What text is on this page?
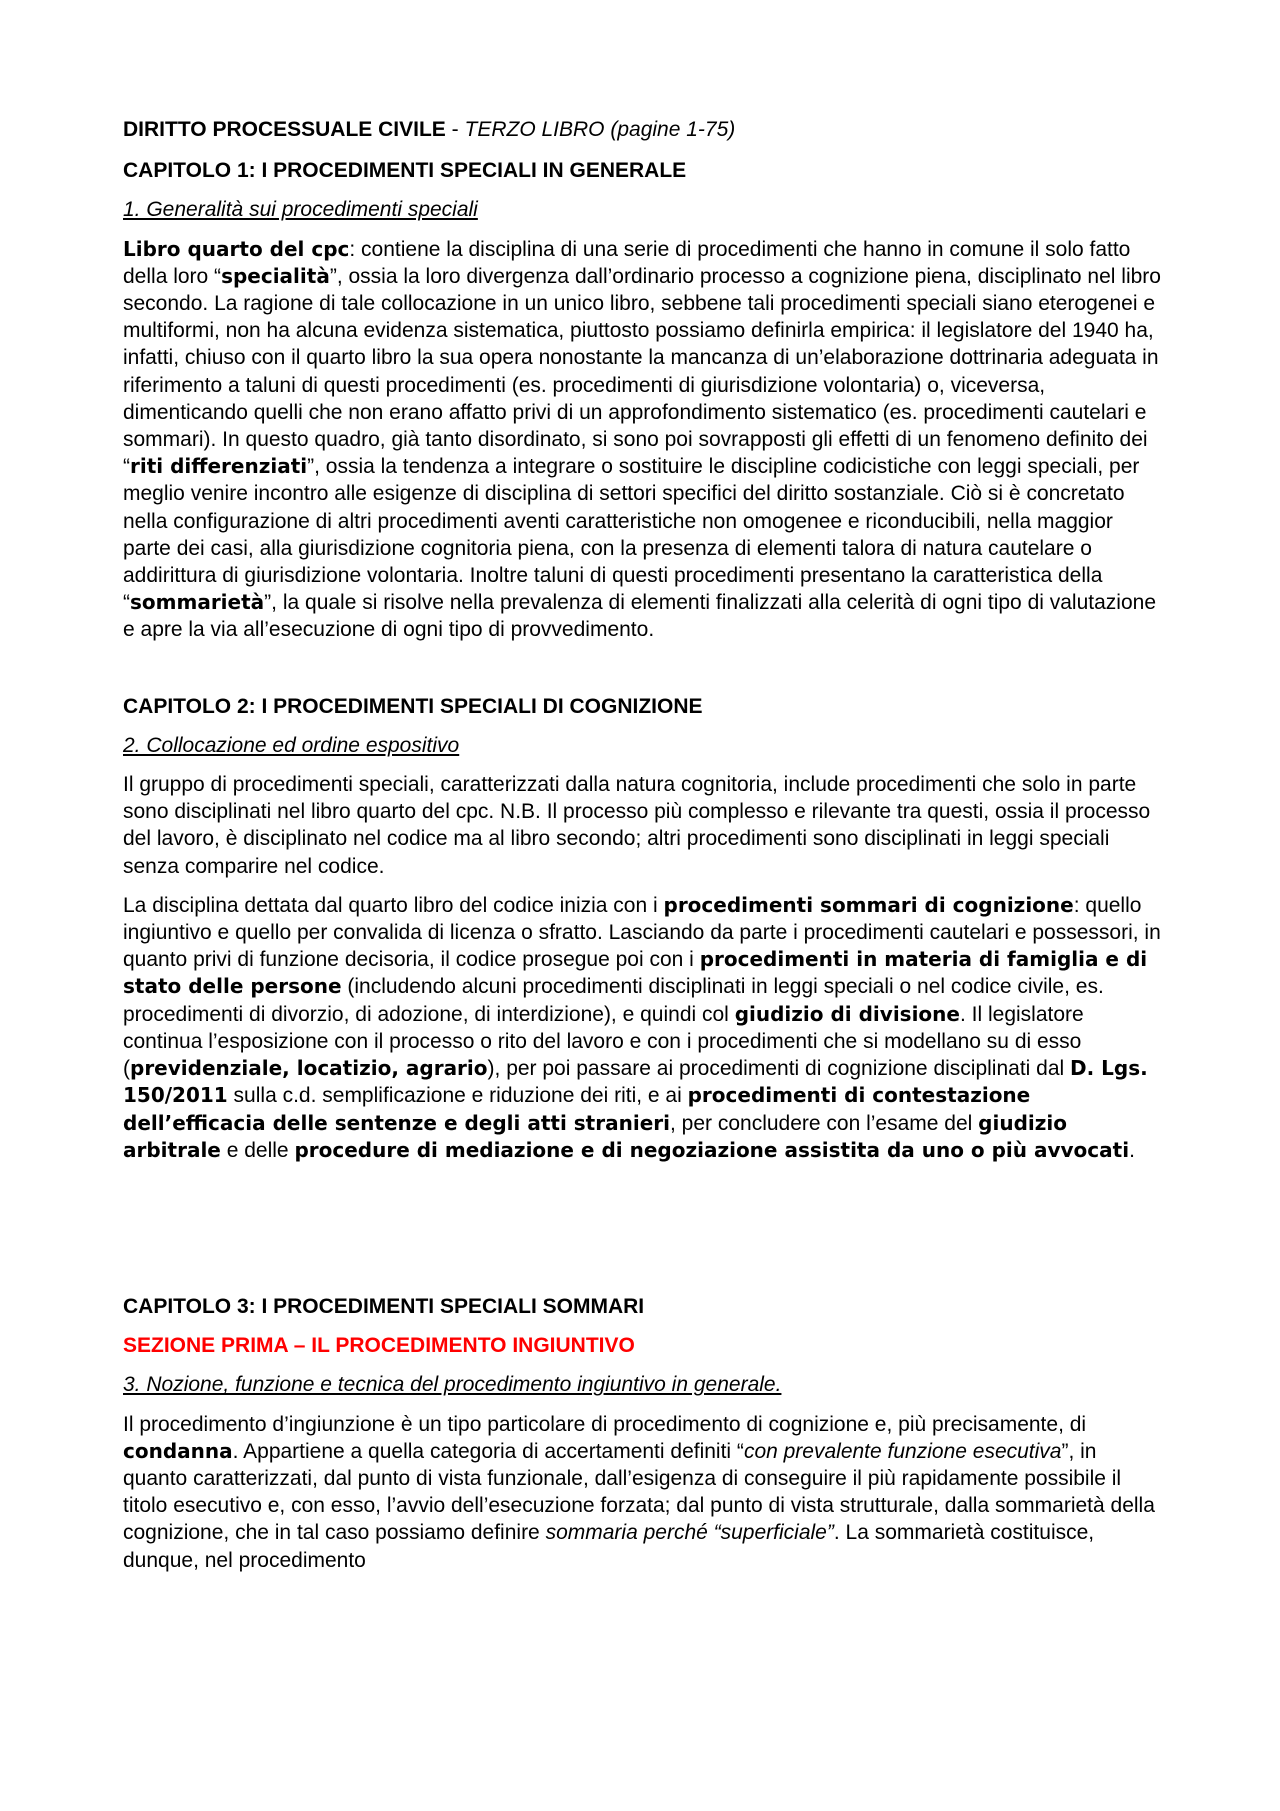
DIRITTO PROCESSUALE CIVILE - TERZO LIBRO (pagine 1-75)

CAPITOLO 1: I PROCEDIMENTI SPECIALI IN GENERALE

1. Generalità sui procedimenti speciali

Libro quarto del cpc: contiene la disciplina di una serie di procedimenti che hanno in comune il solo fatto della loro “specialità”, ossia la loro divergenza dall’ordinario processo a cognizione piena, disciplinato nel libro secondo. La ragione di tale collocazione in un unico libro, sebbene tali procedimenti speciali siano eterogenei e multiformi, non ha alcuna evidenza sistematica, piuttosto possiamo definirla empirica: il legislatore del 1940 ha, infatti, chiuso con il quarto libro la sua opera nonostante la mancanza di un’elaborazione dottrinaria adeguata in riferimento a taluni di questi procedimenti (es. procedimenti di giurisdizione volontaria) o, viceversa, dimenticando quelli che non erano affatto privi di un approfondimento sistematico (es. procedimenti cautelari e sommari). In questo quadro, già tanto disordinato, si sono poi sovrapposti gli effetti di un fenomeno definito dei “riti differenziati”, ossia la tendenza a integrare o sostituire le discipline codicistiche con leggi speciali, per meglio venire incontro alle esigenze di disciplina di settori specifici del diritto sostanziale. Ciò si è concretato nella configurazione di altri procedimenti aventi caratteristiche non omogenee e riconducibili, nella maggior parte dei casi, alla giurisdizione cognitoria piena, con la presenza di elementi talora di natura cautelare o addirittura di giurisdizione volontaria. Inoltre taluni di questi procedimenti presentano la caratteristica della “sommarietà”, la quale si risolve nella prevalenza di elementi finalizzati alla celerità di ogni tipo di valutazione e apre la via all’esecuzione di ogni tipo di provvedimento.

CAPITOLO 2: I PROCEDIMENTI SPECIALI DI COGNIZIONE

2. Collocazione ed ordine espositivo

Il gruppo di procedimenti speciali, caratterizzati dalla natura cognitoria, include procedimenti che solo in parte sono disciplinati nel libro quarto del cpc. N.B. Il processo più complesso e rilevante tra questi, ossia il processo del lavoro, è disciplinato nel codice ma al libro secondo; altri procedimenti sono disciplinati in leggi speciali senza comparire nel codice.

La disciplina dettata dal quarto libro del codice inizia con i procedimenti sommari di cognizione: quello ingiuntivo e quello per convalida di licenza o sfratto. Lasciando da parte i procedimenti cautelari e possessori, in quanto privi di funzione decisoria, il codice prosegue poi con i procedimenti in materia di famiglia e di stato delle persone (includendo alcuni procedimenti disciplinati in leggi speciali o nel codice civile, es. procedimenti di divorzio, di adozione, di interdizione), e quindi col giudizio di divisione. Il legislatore continua l’esposizione con il processo o rito del lavoro e con i procedimenti che si modellano su di esso (previdenziale, locatizio, agrario), per poi passare ai procedimenti di cognizione disciplinati dal D. Lgs. 150/2011 sulla c.d. semplificazione e riduzione dei riti, e ai procedimenti di contestazione dell’efficacia delle sentenze e degli atti stranieri, per concludere con l’esame del giudizio arbitrale e delle procedure di mediazione e di negoziazione assistita da uno o più avvocati.

CAPITOLO 3: I PROCEDIMENTI SPECIALI SOMMARI

SEZIONE PRIMA – IL PROCEDIMENTO INGIUNTIVO

3. Nozione, funzione e tecnica del procedimento ingiuntivo in generale.

Il procedimento d’ingiunzione è un tipo particolare di procedimento di cognizione e, più precisamente, di condanna. Appartiene a quella categoria di accertamenti definiti “con prevalente funzione esecutiva”, in quanto caratterizzati, dal punto di vista funzionale, dall’esigenza di conseguire il più rapidamente possibile il titolo esecutivo e, con esso, l’avvio dell’esecuzione forzata; dal punto di vista strutturale, dalla sommarietà della cognizione, che in tal caso possiamo definire sommaria perché “superficiale”. La sommarietà costituisce, dunque, nel procedimento
